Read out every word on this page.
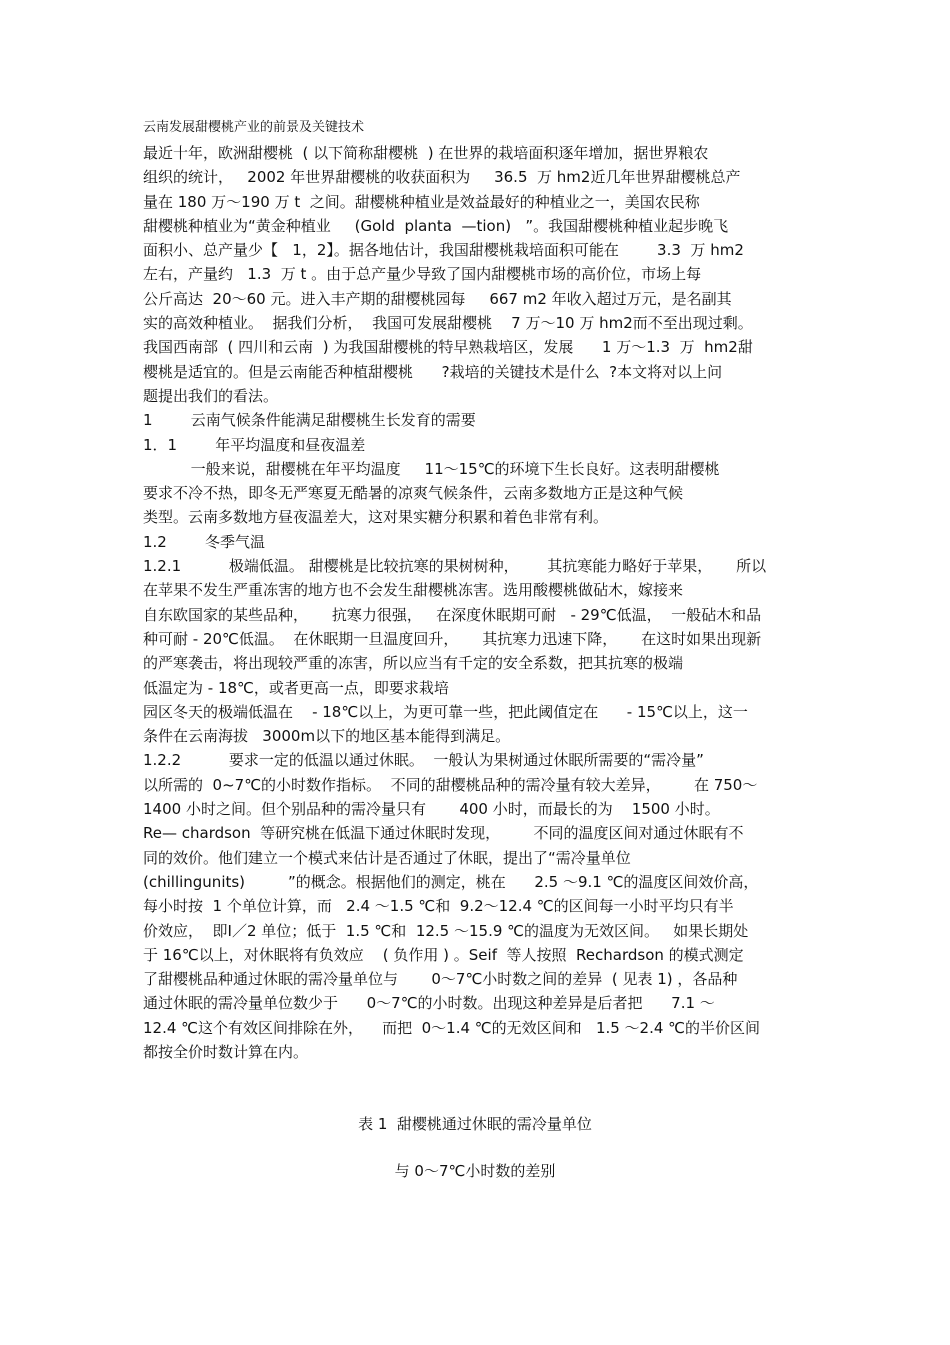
云南发展甜樱桃产业的前景及关键技术
最近十年，欧洲甜樱桃  ( 以下简称甜樱桃  ) 在世界的栽培面积逐年增加，据世界粮农
组织的统计，   2002 年世界甜樱桃的收获面积为     36.5  万 hm2近几年世界甜樱桃总产
量在 180 万～190 万 t  之间。甜樱桃种植业是效益最好的种植业之一，美国农民称
甜樱桃种植业为“黄金种植业     (Gold  planta  —tion)   ”。我国甜樱桃种植业起步晚飞
面积小、总产量少【   1，2】。据各地估计，我国甜樱桃栽培面积可能在        3.3  万 hm2
左右，产量约   1.3  万 t 。由于总产量少导致了国内甜樱桃市场的高价位，市场上每
公斤高达  20～60 元。进入丰产期的甜樱桃园每     667 m2 年收入超过万元，是名副其
实的高效种植业。  据我们分析，  我国可发展甜樱桃    7 万～10 万 hm2而不至出现过剩。
我国西南部  ( 四川和云南  ) 为我国甜樱桃的特早熟栽培区，发展      1 万～1.3  万  hm2甜
樱桃是适宜的。但是云南能否种植甜樱桃      ?栽培的关键技术是什么  ?本文将对以上问
题提出我们的看法。
1        云南气候条件能满足甜樱桃生长发育的需要
1．1        年平均温度和昼夜温差
一般来说，甜樱桃在年平均温度     11～15℃的环境下生长良好。这表明甜樱桃
要求不冷不热，即冬无严寒夏无酷暑的凉爽气候条件，云南多数地方正是这种气候
类型。云南多数地方昼夜温差大，这对果实糖分积累和着色非常有利。
1.2        冬季气温
1.2.1          极端低温。 甜樱桃是比较抗寒的果树树种，      其抗寒能力略好于苹果，     所以
在苹果不发生严重冻害的地方也不会发生甜樱桃冻害。选用酸樱桃做砧木，嫁接来
自东欧国家的某些品种，     抗寒力很强，   在深度休眠期可耐   - 29℃低温，  一般砧木和品
种可耐 - 20℃低温。  在休眠期一旦温度回升，     其抗寒力迅速下降，     在这时如果出现新
的严寒袭击，将出现较严重的冻害，所以应当有千定的安全系数，把其抗寒的极端
低温定为 - 18℃，或者更高一点，即要求栽培
园区冬天的极端低温在    - 18℃以上，为更可靠一些，把此阈值定在      - 15℃以上，这一
条件在云南海拔   3000m以下的地区基本能得到满足。
1.2.2          要求一定的低温以通过休眠。  一般认为果树通过休眠所需要的“需冷量”
以所需的  0~7℃的小时数作指标。  不同的甜樱桃品种的需冷量有较大差异，       在 750～
1400 小时之间。但个别品种的需冷量只有       400 小时，而最长的为    1500 小时。
Re— chardson  等研究桃在低温下通过休眠时发现，       不同的温度区间对通过休眠有不
同的效价。他们建立一个模式来估计是否通过了休眠，提出了“需冷量单位
(chillingunits)         ”的概念。根据他们的测定，桃在      2.5 ～9.1 ℃的温度区间效价高，
每小时按  1 个单位计算，而   2.4 ～1.5 ℃和  9.2～12.4 ℃的区间每一小时平均只有半
价效应，  即Ⅰ／2 单位；低于  1.5 ℃和  12.5 ～15.9 ℃的温度为无效区间。   如果长期处
于 16℃以上，对休眠将有负效应    ( 负作用 ) 。Seif  等人按照  Rechardson 的模式测定
了甜樱桃品种通过休眠的需冷量单位与       0～7℃小时数之间的差异  ( 见表 1) ，各品种
通过休眠的需冷量单位数少于      0～7℃的小时数。出现这种差异是后者把      7.1 ～
12.4 ℃这个有效区间排除在外，    而把  0～1.4 ℃的无效区间和   1.5 ～2.4 ℃的半价区间
都按全价时数计算在内。
表 1  甜樱桃通过休眠的需冷量单位
与 0～7℃小时数的差别
